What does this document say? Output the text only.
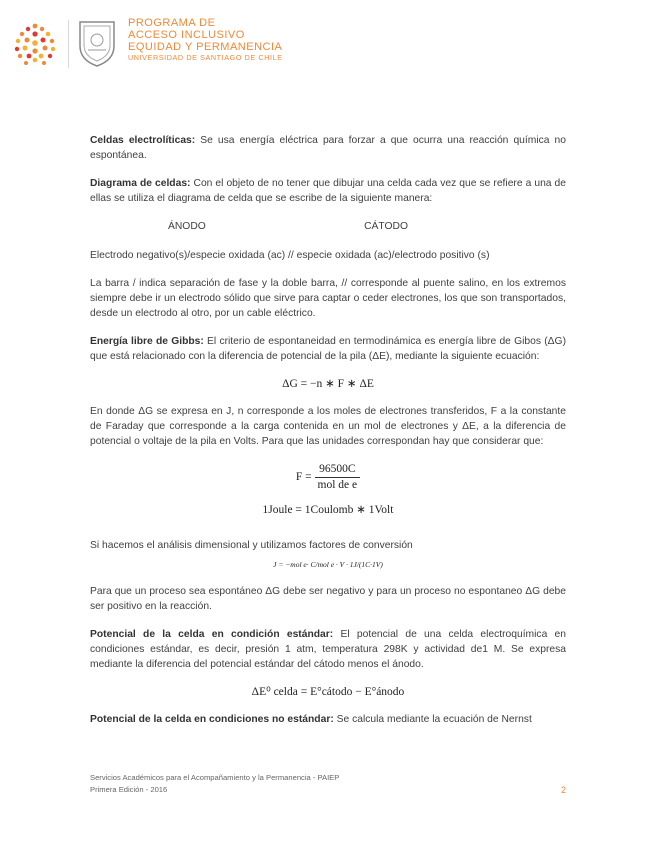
PROGRAMA DE
ACCESO INCLUSIVO
EQUIDAD Y PERMANENCIA
UNIVERSIDAD DE SANTIAGO DE CHILE

Celdas electrolíticas: Se usa energía eléctrica para forzar a que ocurra una reacción química no espontánea.

Diagrama de celdas: Con el objeto de no tener que dibujar una celda cada vez que se refiere a una de ellas se utiliza el diagrama de celda que se escribe de la siguiente manera:

ÁNODO	CÁTODO

Electrodo negativo(s)/especie oxidada (ac) // especie oxidada (ac)/electrodo positivo (s)

La barra / indica separación de fase y la doble barra, // corresponde al puente salino, en los extremos siempre debe ir un electrodo sólido que sirve para captar o ceder electrones, los que son transportados, desde un electrodo al otro, por un cable eléctrico.

Energía libre de Gibbs: El criterio de espontaneidad en termodinámica es energía libre de Gibos (ΔG) que está relacionado con la diferencia de potencial de la pila (ΔE), mediante la siguiente ecuación:

ΔG = −n ∗ F ∗ ΔE

En donde ΔG se expresa en J, n corresponde a los moles de electrones transferidos, F a la constante de Faraday que corresponde a la carga contenida en un mol de electrones y ΔE, a la diferencia de potencial o voltaje de la pila en Volts. Para que las unidades correspondan hay que considerar que:

$F = \frac{96500C}{\text{mol de e}}$

1Joule = 1Coulomb ∗ 1Volt

Si hacemos el análisis dimensional y utilizamos factores de conversión

J = −mol e· C/mol e · V · 1J/(1C·1V)

Para que un proceso sea espontáneo ΔG debe ser negativo y para un proceso no espontaneo ΔG debe ser positivo en la reacción.

Potencial de la celda en condición estándar: El potencial de una celda electroquímica en condiciones estándar, es decir, presión 1 atm, temperatura 298K y actividad de1 M. Se expresa mediante la diferencia del potencial estándar del cátodo menos el ánodo.

ΔE⁰ celda = E°cátodo − E°ánodo

Potencial de la celda en condiciones no estándar: Se calcula mediante la ecuación de Nernst

Servicios Académicos para el Acompañamiento y la Permanencia - PAIEP
Primera Edición - 2016	2
